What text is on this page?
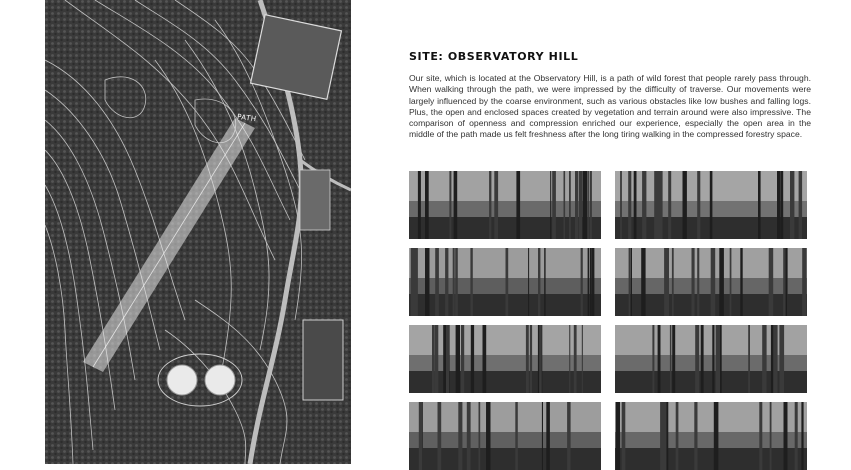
PATH
SITE: OBSERVATORY HILL

Our site, which is located at the Observatory Hill, is a path of wild forest that people rarely pass through. When walking through the path, we were impressed by the difficulty of traverse. Our movements were largely influenced by the coarse environment, such as various obstacles like low bushes and falling logs. Plus, the open and enclosed spaces created by vegetation and terrain around were also impressive. The comparison of openness and compression enriched our experience, especially the open area in the middle of the path made us felt freshness after the long tiring walking in the compressed forestry space.
